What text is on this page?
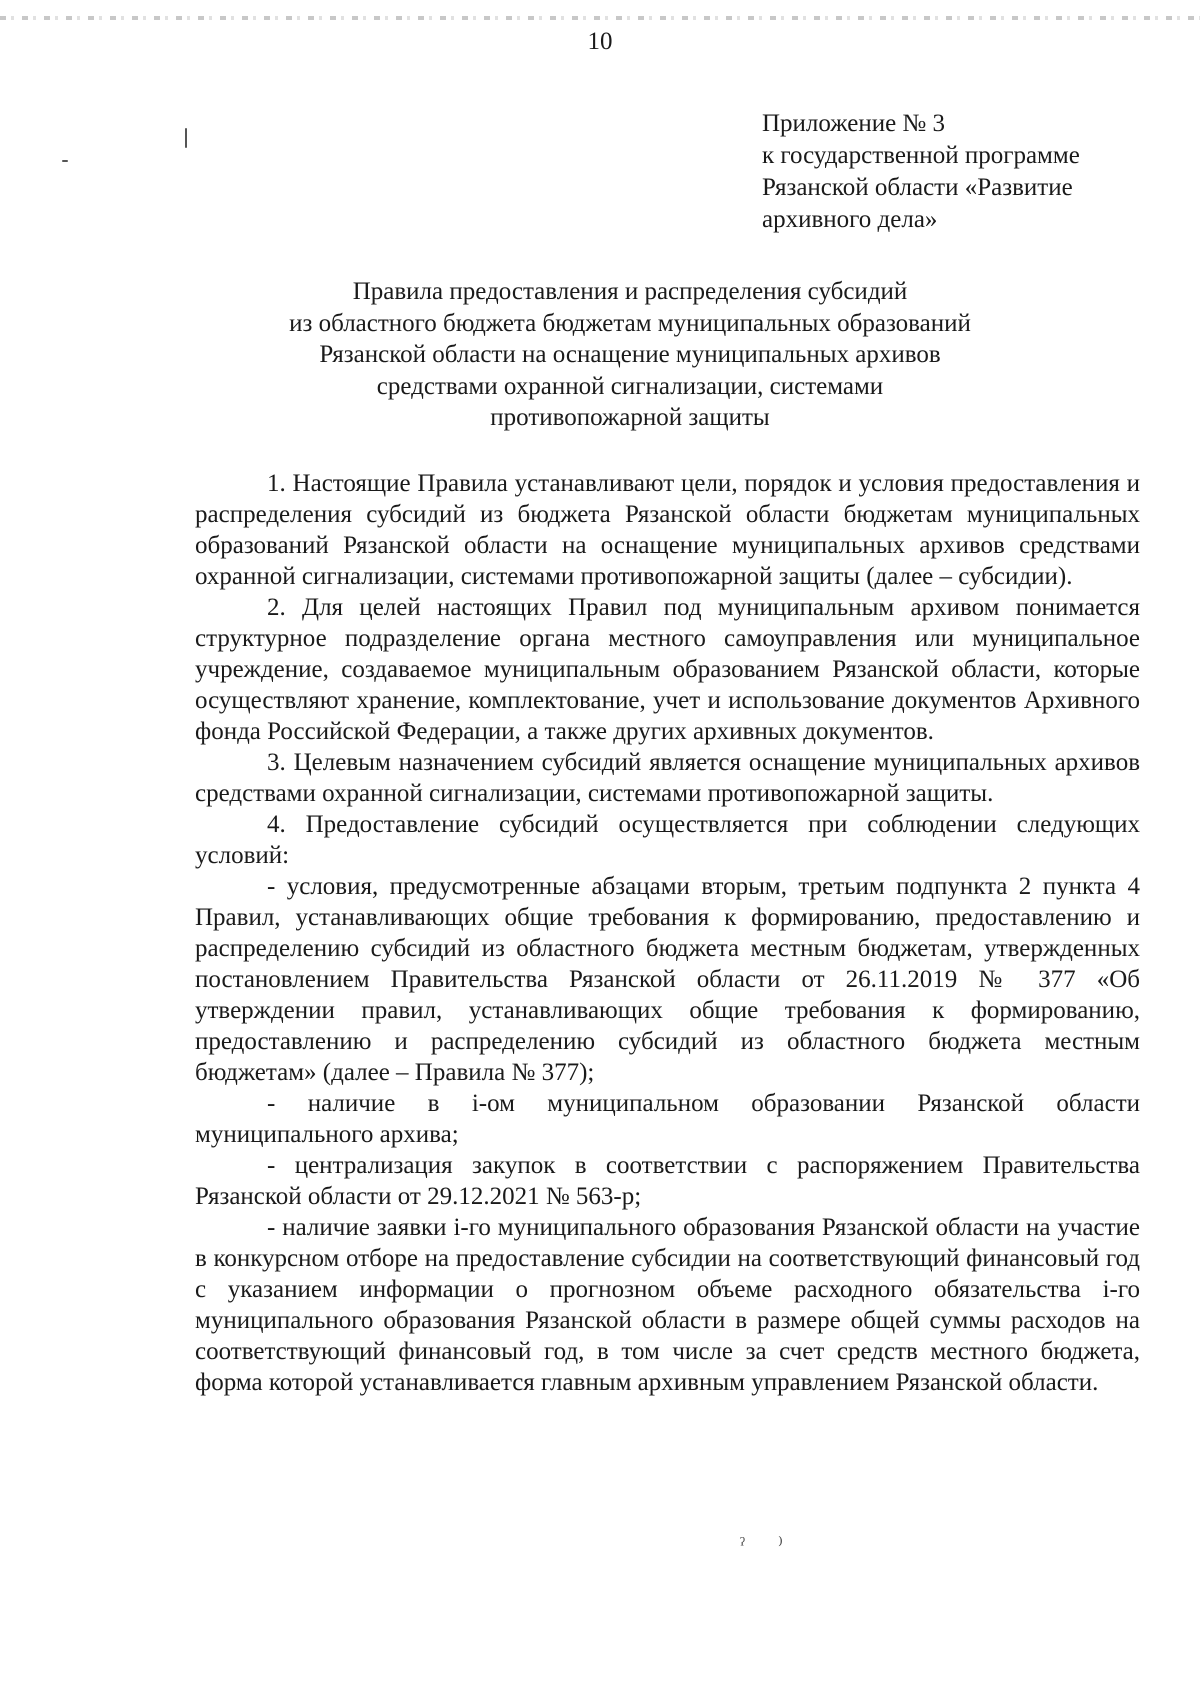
10
Приложение № 3
к государственной программе
Рязанской области «Развитие
архивного дела»
Правила предоставления и распределения субсидий
из областного бюджета бюджетам муниципальных образований
Рязанской области на оснащение муниципальных архивов
средствами охранной сигнализации, системами
противопожарной защиты

1. Настоящие Правила устанавливают цели, порядок и условия предоставления и распределения субсидий из бюджета Рязанской области бюджетам муниципальных образований Рязанской области на оснащение муниципальных архивов средствами охранной сигнализации, системами противопожарной защиты (далее – субсидии).

2. Для целей настоящих Правил под муниципальным архивом понимается структурное подразделение органа местного самоуправления или муниципальное учреждение, создаваемое муниципальным образованием Рязанской области, которые осуществляют хранение, комплектование, учет и использование документов Архивного фонда Российской Федерации, а также других архивных документов.

3. Целевым назначением субсидий является оснащение муниципальных архивов средствами охранной сигнализации, системами противопожарной защиты.

4. Предоставление субсидий осуществляется при соблюдении следующих условий:

- условия, предусмотренные абзацами вторым, третьим подпункта 2 пункта 4 Правил, устанавливающих общие требования к формированию, предоставлению и распределению субсидий из областного бюджета местным бюджетам, утвержденных постановлением Правительства Рязанской области от 26.11.2019 № 377 «Об утверждении правил, устанавливающих общие требования к формированию, предоставлению и распределению субсидий из областного бюджета местным бюджетам» (далее – Правила № 377);

- наличие в i-ом муниципальном образовании Рязанской области муниципального архива;

- централизация закупок в соответствии с распоряжением Правительства Рязанской области от 29.12.2021 № 563-р;

- наличие заявки i-го муниципального образования Рязанской области на участие в конкурсном отборе на предоставление субсидии на соответствующий финансовый год с указанием информации о прогнозном объеме расходного обязательства i-го муниципального образования Рязанской области в размере общей суммы расходов на соответствующий финансовый год, в том числе за счет средств местного бюджета, форма которой устанавливается главным архивным управлением Рязанской области.

ˀ ⁾
